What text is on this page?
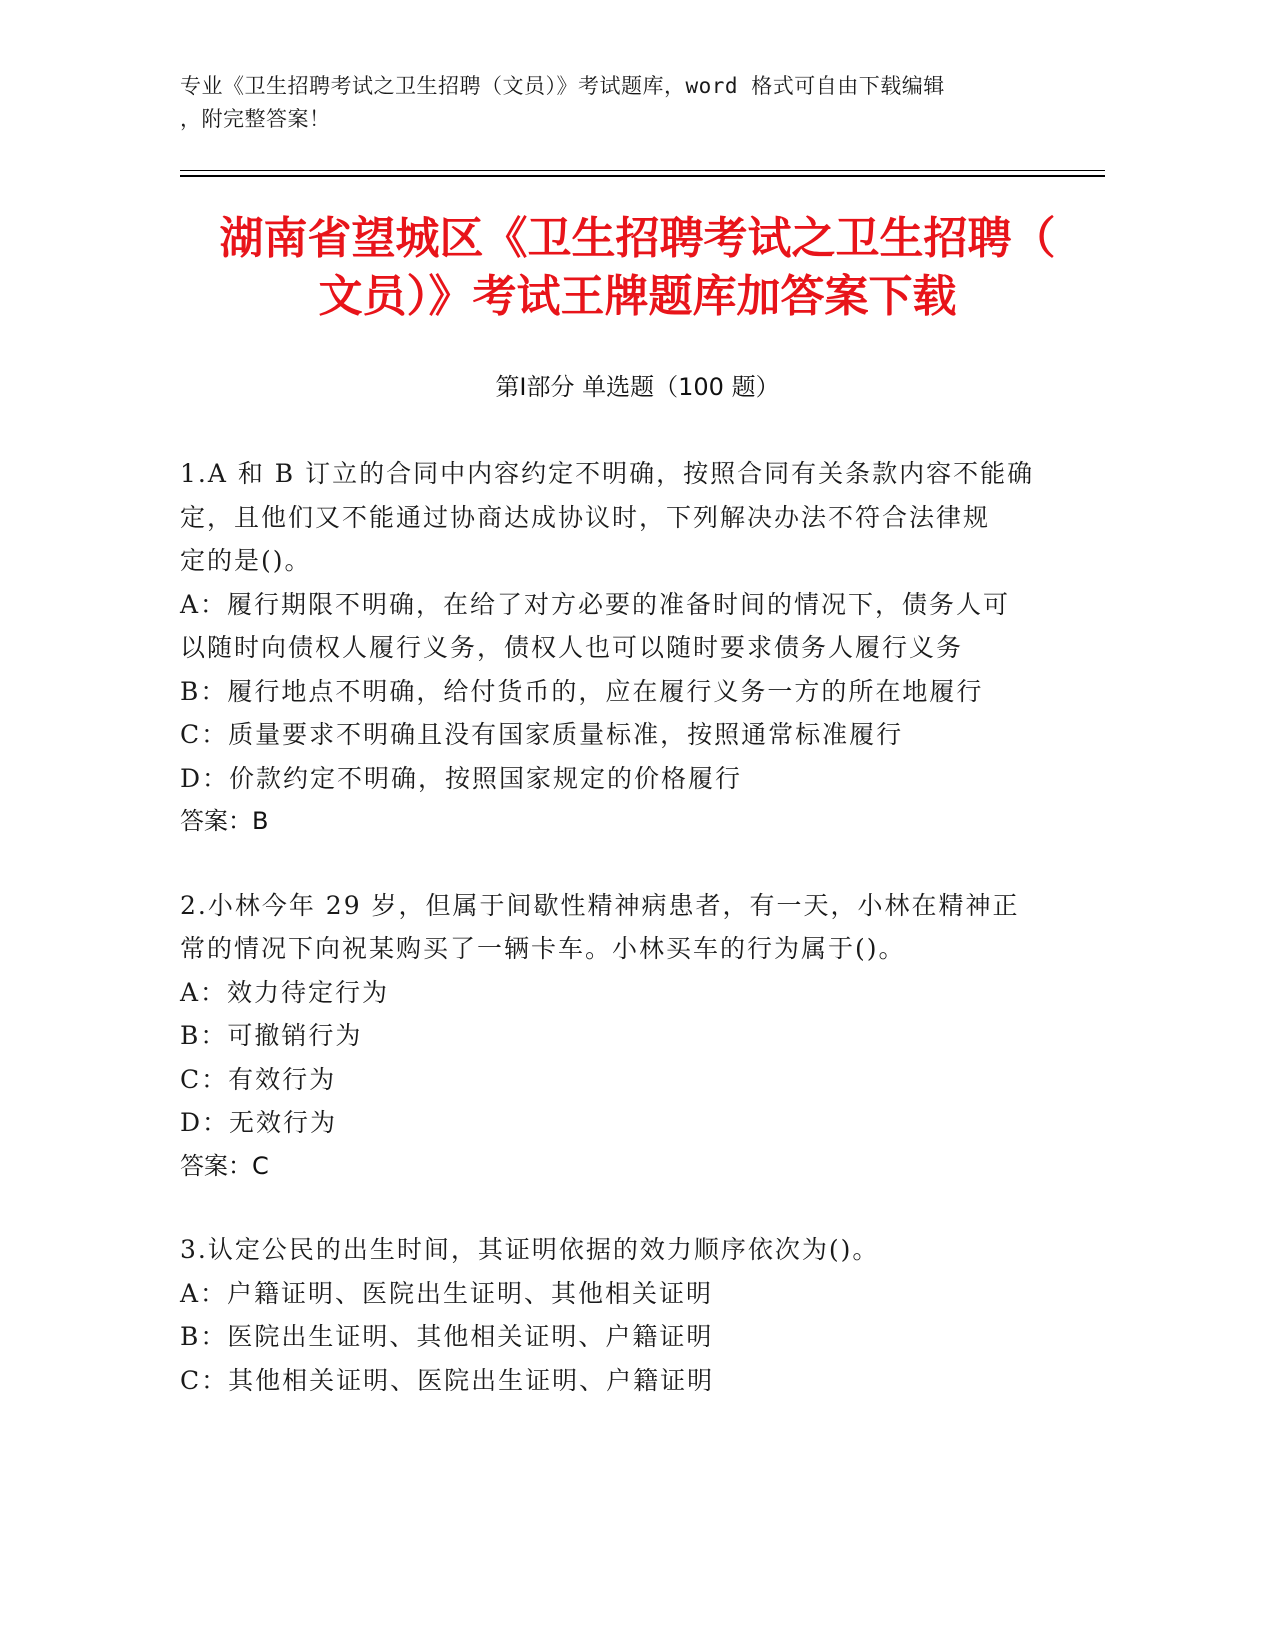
专业《卫生招聘考试之卫生招聘（文员）》考试题库，word 格式可自由下载编辑
，附完整答案！
湖南省望城区《卫生招聘考试之卫生招聘（
文员）》考试王牌题库加答案下载
第Ⅰ部分 单选题（100 题）
1.A 和 B 订立的合同中内容约定不明确，按照合同有关条款内容不能确
定，且他们又不能通过协商达成协议时，下列解决办法不符合法律规
定的是()。
A：履行期限不明确，在给了对方必要的准备时间的情况下，债务人可
以随时向债权人履行义务，债权人也可以随时要求债务人履行义务
B：履行地点不明确，给付货币的，应在履行义务一方的所在地履行
C：质量要求不明确且没有国家质量标准，按照通常标准履行
D：价款约定不明确，按照国家规定的价格履行
答案：B
2.小林今年 29 岁，但属于间歇性精神病患者，有一天，小林在精神正
常的情况下向祝某购买了一辆卡车。小林买车的行为属于()。
A：效力待定行为
B：可撤销行为
C：有效行为
D：无效行为
答案：C
3.认定公民的出生时间，其证明依据的效力顺序依次为()。
A：户籍证明、医院出生证明、其他相关证明
B：医院出生证明、其他相关证明、户籍证明
C：其他相关证明、医院出生证明、户籍证明
